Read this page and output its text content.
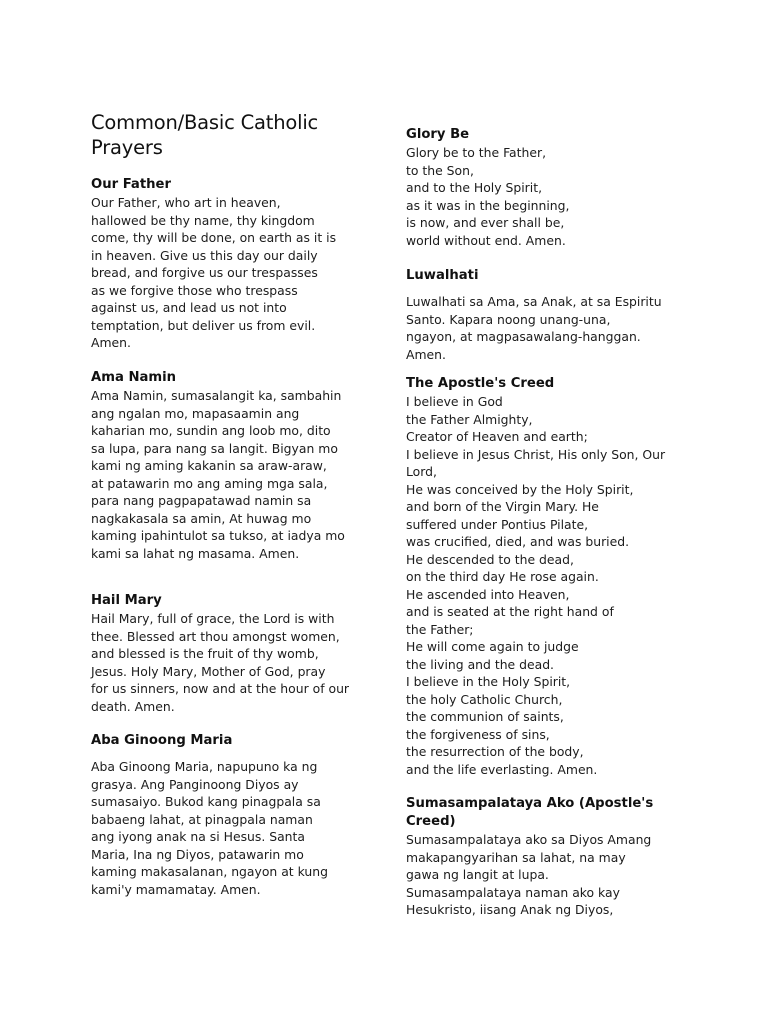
Common/Basic Catholic
Prayers
Our Father
Our Father, who art in heaven,
hallowed be thy name, thy kingdom
come, thy will be done, on earth as it is
in heaven. Give us this day our daily
bread, and forgive us our trespasses
as we forgive those who trespass
against us, and lead us not into
temptation, but deliver us from evil.
Amen.
Ama Namin
Ama Namin, sumasalangit ka, sambahin
ang ngalan mo, mapasaamin ang
kaharian mo, sundin ang loob mo, dito
sa lupa, para nang sa langit. Bigyan mo
kami ng aming kakanin sa araw-araw,
at patawarin mo ang aming mga sala,
para nang pagpapatawad namin sa
nagkakasala sa amin, At huwag mo
kaming ipahintulot sa tukso, at iadya mo
kami sa lahat ng masama. Amen.
Hail Mary
Hail Mary, full of grace, the Lord is with
thee. Blessed art thou amongst women,
and blessed is the fruit of thy womb,
Jesus. Holy Mary, Mother of God, pray
for us sinners, now and at the hour of our
death. Amen.
Aba Ginoong Maria
Aba Ginoong Maria, napupuno ka ng
grasya. Ang Panginoong Diyos ay
sumasaiyo. Bukod kang pinagpala sa
babaeng lahat, at pinagpala naman
ang iyong anak na si Hesus. Santa
Maria, Ina ng Diyos, patawarin mo
kaming makasalanan, ngayon at kung
kami'y mamamatay. Amen.
Glory Be
Glory be to the Father,
to the Son,
and to the Holy Spirit,
as it was in the beginning,
is now, and ever shall be,
world without end. Amen.
Luwalhati
Luwalhati sa Ama, sa Anak, at sa Espiritu
Santo. Kapara noong unang-una,
ngayon, at magpasawalang-hanggan.
Amen.
The Apostle's Creed
I believe in God
the Father Almighty,
Creator of Heaven and earth;
I believe in Jesus Christ, His only Son, Our
Lord,
He was conceived by the Holy Spirit,
and born of the Virgin Mary. He
suffered under Pontius Pilate,
was crucified, died, and was buried.
He descended to the dead,
on the third day He rose again.
He ascended into Heaven,
and is seated at the right hand of
the Father;
He will come again to judge
the living and the dead.
I believe in the Holy Spirit,
the holy Catholic Church,
the communion of saints,
the forgiveness of sins,
the resurrection of the body,
and the life everlasting. Amen.
Sumasampalataya Ako (Apostle's
Creed)
Sumasampalataya ako sa Diyos Amang
makapangyarihan sa lahat, na may
gawa ng langit at lupa.
Sumasampalataya naman ako kay
Hesukristo, iisang Anak ng Diyos,
